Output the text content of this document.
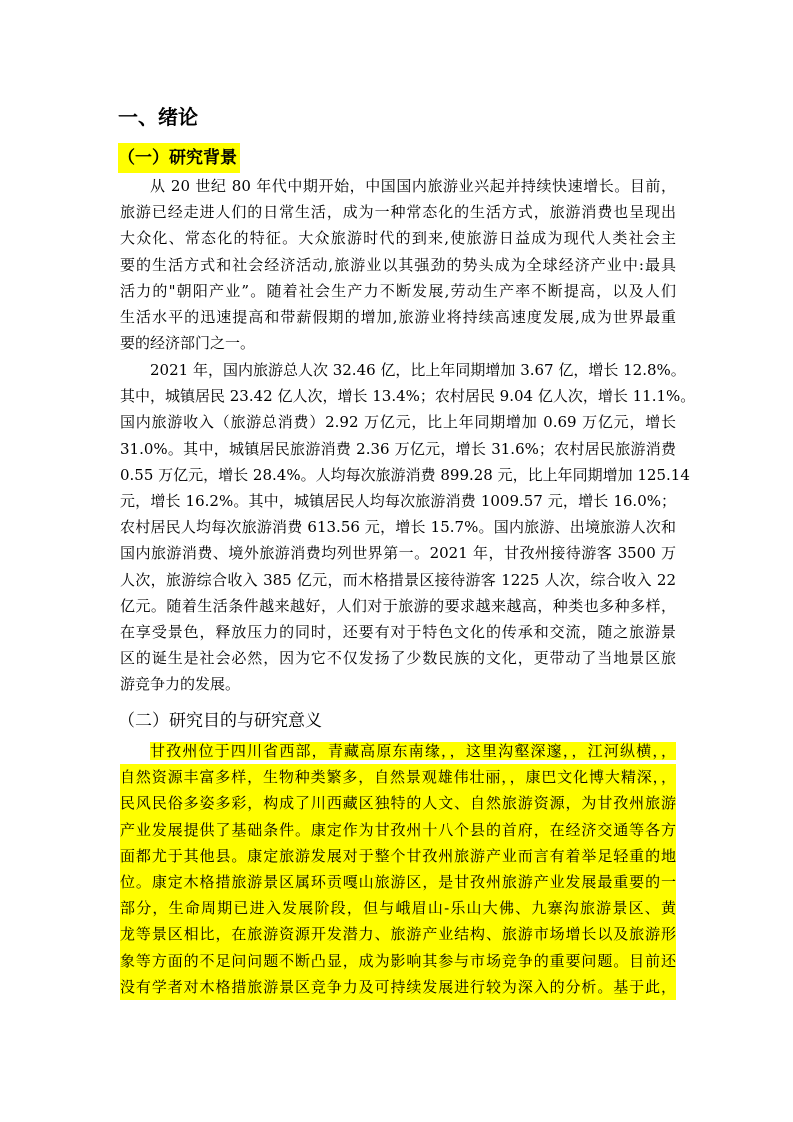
一、绪论
（一）研究背景
从 20 世纪 80 年代中期开始，中国国内旅游业兴起并持续快速增长。目前，
旅游已经走进人们的日常生活，成为一种常态化的生活方式，旅游消费也呈现出
大众化、常态化的特征。大众旅游时代的到来,使旅游日益成为现代人类社会主
要的生活方式和社会经济活动,旅游业以其强劲的势头成为全球经济产业中:最具
活力的"朝阳产业”。随着社会生产力不断发展,劳动生产率不断提高，以及人们
生活水平的迅速提高和带薪假期的增加,旅游业将持续高速度发展,成为世界最重
要的经济部门之一。
2021 年，国内旅游总人次 32.46 亿，比上年同期增加 3.67 亿，增长 12.8%。
其中，城镇居民 23.42 亿人次，增长 13.4%；农村居民 9.04 亿人次，增长 11.1%。
国内旅游收入（旅游总消费）2.92 万亿元，比上年同期增加 0.69 万亿元，增长
31.0%。其中，城镇居民旅游消费 2.36 万亿元，增长 31.6%；农村居民旅游消费
0.55 万亿元，增长 28.4%。人均每次旅游消费 899.28 元，比上年同期增加 125.14
元，增长 16.2%。其中，城镇居民人均每次旅游消费 1009.57 元，增长 16.0%；
农村居民人均每次旅游消费 613.56 元，增长 15.7%。国内旅游、出境旅游人次和
国内旅游消费、境外旅游消费均列世界第一。2021 年，甘孜州接待游客 3500 万
人次，旅游综合收入 385 亿元，而木格措景区接待游客 1225 人次，综合收入 22
亿元。随着生活条件越来越好，人们对于旅游的要求越来越高，种类也多种多样，
在享受景色，释放压力的同时，还要有对于特色文化的传承和交流，随之旅游景
区的诞生是社会必然，因为它不仅发扬了少数民族的文化，更带动了当地景区旅
游竞争力的发展。
（二）研究目的与研究意义
甘孜州位于四川省西部，青藏高原东南缘，，这里沟壑深邃，，江河纵横，，
自然资源丰富多样，生物种类繁多，自然景观雄伟壮丽，，康巴文化博大精深，，
民风民俗多姿多彩，构成了川西藏区独特的人文、自然旅游资源，为甘孜州旅游
产业发展提供了基础条件。康定作为甘孜州十八个县的首府，在经济交通等各方
面都尤于其他县。康定旅游发展对于整个甘孜州旅游产业而言有着举足轻重的地
位。康定木格措旅游景区属环贡嘎山旅游区，是甘孜州旅游产业发展最重要的一
部分，生命周期已进入发展阶段，但与峨眉山-乐山大佛、九寨沟旅游景区、黄
龙等景区相比，在旅游资源开发潜力、旅游产业结构、旅游市场增长以及旅游形
象等方面的不足问问题不断凸显，成为影响其参与市场竞争的重要问题。目前还
没有学者对木格措旅游景区竞争力及可持续发展进行较为深入的分析。基于此，
